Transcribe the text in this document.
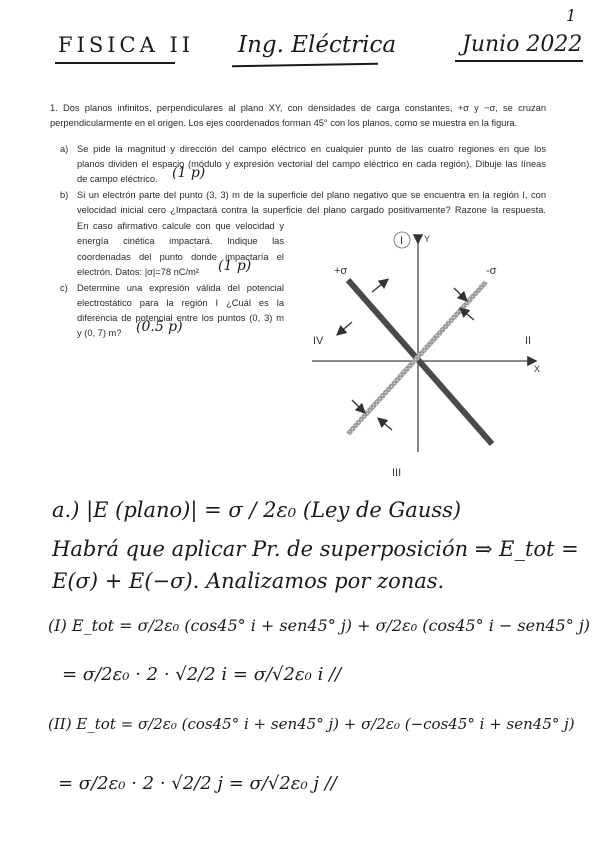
1
FISICA II Ing. Eléctrica	Junio 2022
1. Dos planos infinitos, perpendiculares al plano XY, con densidades de carga constantes, +σ y −σ, se cruzan
perpendicularmente en el origen. Los ejes coordenados forman 45° con los planos, como se muestra en la figura.
a) Se pide la magnitud y dirección del campo eléctrico en cualquier punto de las cuatro regiones en que los
planos dividen el espacio (módulo y expresión vectorial del campo eléctrico en cada región). Dibuje las líneas
de campo eléctrico. (1 p)
b) Si un electrón parte del punto (3, 3) m de la superficie del plano negativo que se encuentra en la región I, con
velocidad inicial cero ¿Impactará contra la superficie del plano cargado positivamente? Razone la respuesta.
En caso afirmativo calcule con que velocidad y
energía cinética impactará. Indique las
coordenadas del punto donde impactaría el
electrón. Datos: |σ|=78 nC/m² (1 p)
c) Determine una expresión válida del potencial
electrostático para la región I ¿Cuál es la
diferencia de potencial entre los puntos (0, 3) m
y (0, 7) m? (0.5 p)
I Y
X
II
IV
III
+σ	-σ
a.) |E (plano)| = σ / 2ε₀ (Ley de Gauss)
Habrá que aplicar Pr. de superposición ⇒ E_tot =
E(σ) + E(−σ). Analizamos por zonas.
(I) E_tot = σ/2ε₀ (cos45° i + sen45° j) + σ/2ε₀ (cos45° i − sen45° j)
= σ/2ε₀ · 2 · √2/2 i = σ/√2ε₀ i //
(II) E_tot = σ/2ε₀ (cos45° i + sen45° j) + σ/2ε₀ (−cos45° i + sen45° j)
= σ/2ε₀ · 2 · √2/2 j = σ/√2ε₀ j //
